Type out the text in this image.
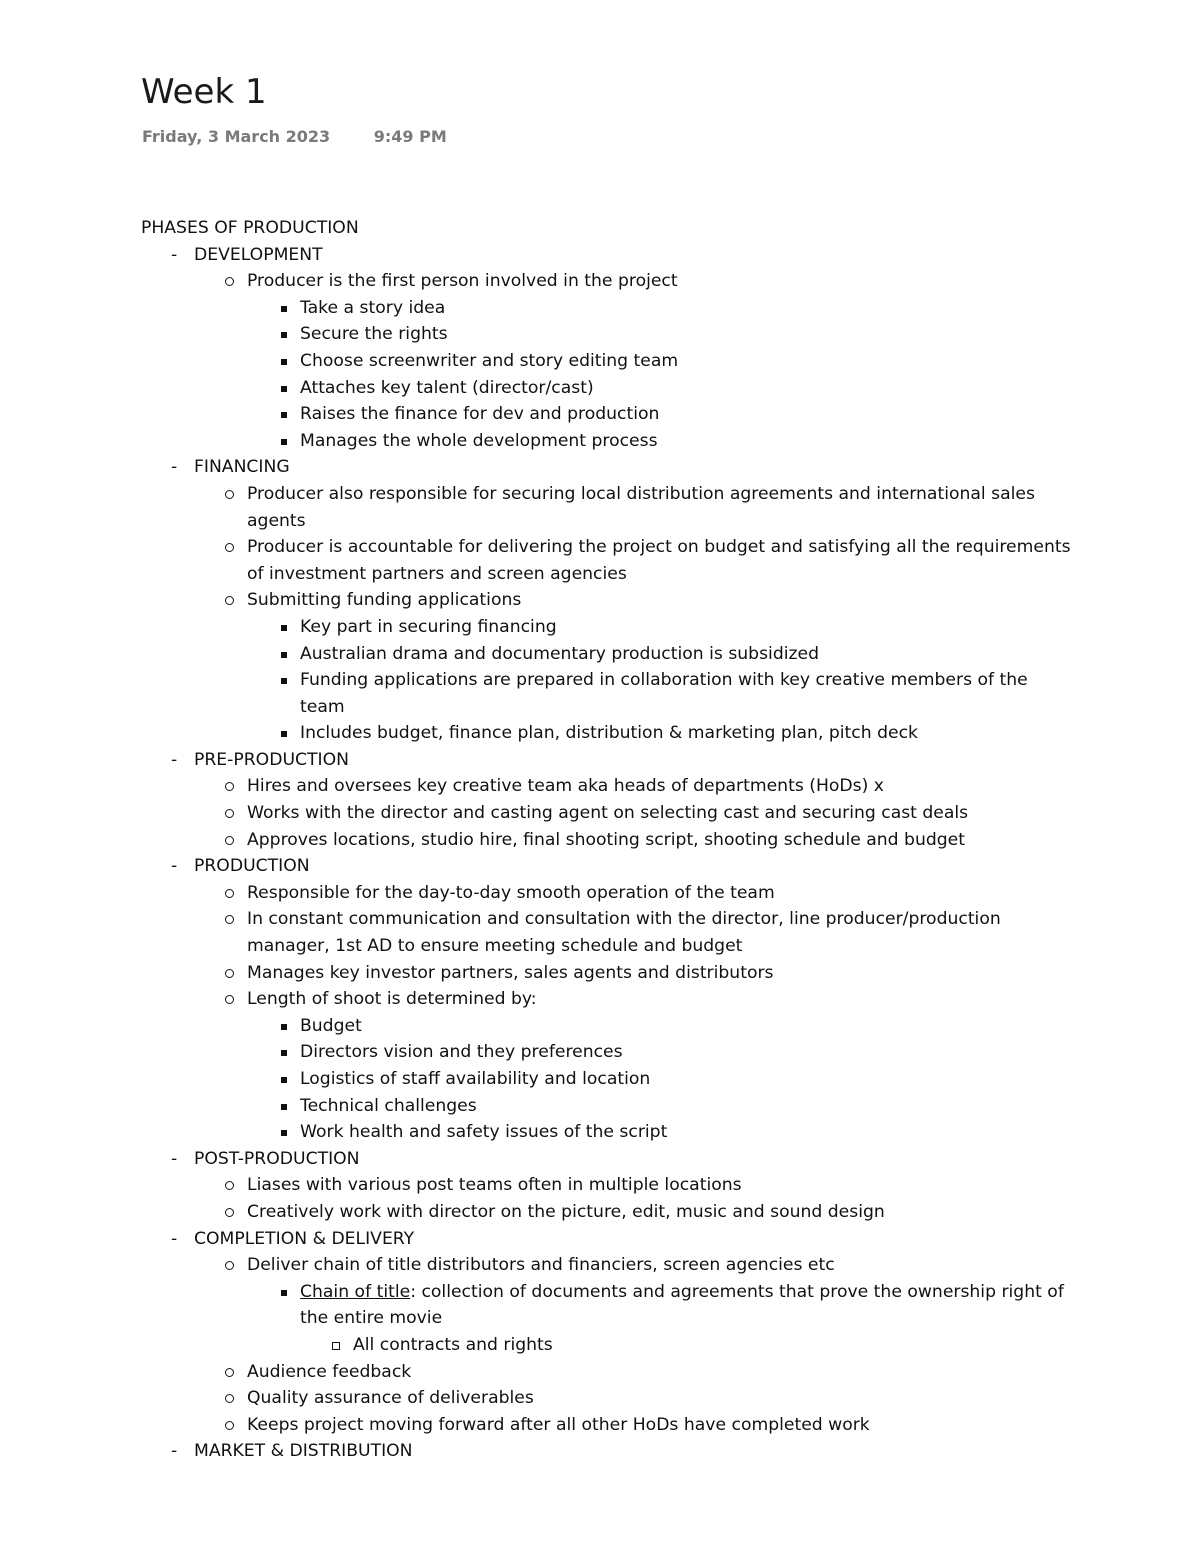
Week 1
Friday, 3 March 2023	9:49 PM
PHASES OF PRODUCTION
- DEVELOPMENT
Producer is the first person involved in the project
Take a story idea
Secure the rights
Choose screenwriter and story editing team
Attaches key talent (director/cast)
Raises the finance for dev and production
Manages the whole development process
- FINANCING
Producer also responsible for securing local distribution agreements and international sales agents
Producer is accountable for delivering the project on budget and satisfying all the requirements of investment partners and screen agencies
Submitting funding applications
Key part in securing financing
Australian drama and documentary production is subsidized
Funding applications are prepared in collaboration with key creative members of the team
Includes budget, finance plan, distribution & marketing plan, pitch deck
- PRE-PRODUCTION
Hires and oversees key creative team aka heads of departments (HoDs) x
Works with the director and casting agent on selecting cast and securing cast deals
Approves locations, studio hire, final shooting script, shooting schedule and budget
- PRODUCTION
Responsible for the day-to-day smooth operation of the team
In constant communication and consultation with the director, line producer/production manager, 1st AD to ensure meeting schedule and budget
Manages key investor partners, sales agents and distributors
Length of shoot is determined by:
Budget
Directors vision and they preferences
Logistics of staff availability and location
Technical challenges
Work health and safety issues of the script
- POST-PRODUCTION
Liases with various post teams often in multiple locations
Creatively work with director on the picture, edit, music and sound design
- COMPLETION & DELIVERY
Deliver chain of title distributors and financiers, screen agencies etc
Chain of title: collection of documents and agreements that prove the ownership right of the entire movie
All contracts and rights
Audience feedback
Quality assurance of deliverables
Keeps project moving forward after all other HoDs have completed work
- MARKET & DISTRIBUTION
